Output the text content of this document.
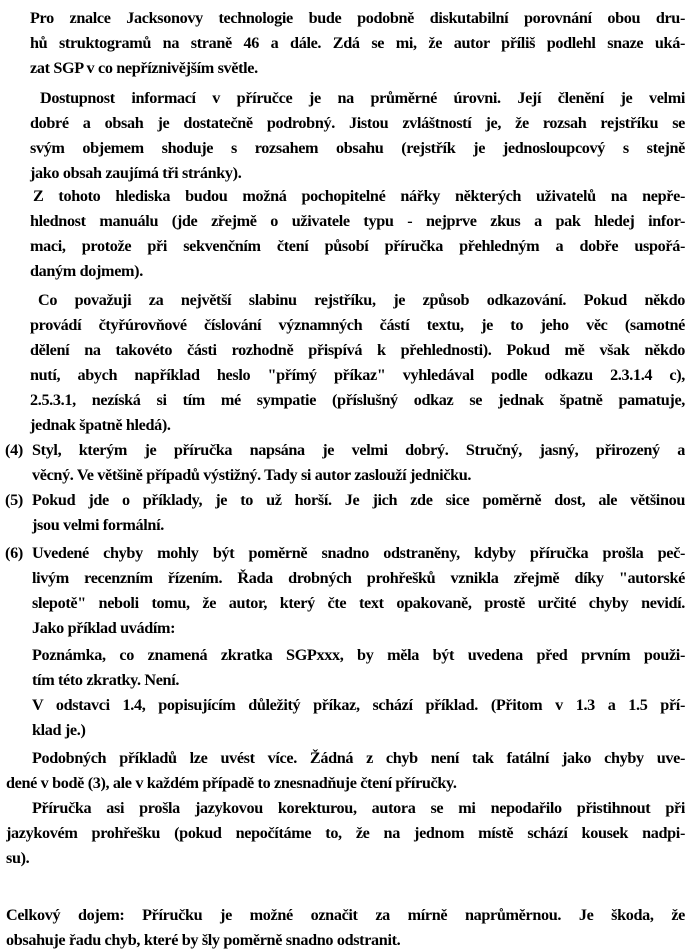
Pro znalce Jacksonovy technologie bude podobně diskutabilní porovnání obou dru-
hů struktogramů na straně 46 a dále. Zdá se mi, že autor příliš podlehl snaze uká-
zat SGP v co nepříznivějším světle.
Dostupnost informací v příručce je na průměrné úrovni. Její členění je velmi
dobré a obsah je dostatečně podrobný. Jistou zvláštností je, že rozsah rejstříku se
svým objemem shoduje s rozsahem obsahu (rejstřík je jednosloupcový s stejně
jako obsah zaujímá tři stránky).
Z tohoto hlediska budou možná pochopitelné nářky některých uživatelů na nepře-
hlednost manuálu (jde zřejmě o uživatele typu - nejprve zkus a pak hledej infor-
maci, protože při sekvenčním čtení působí příručka přehledným a dobře uspořá-
daným dojmem).
Co považuji za největší slabinu rejstříku, je způsob odkazování. Pokud někdo
provádí čtyřúrovňové číslování významných částí textu, je to jeho věc (samotné
dělení na takovéto části rozhodně přispívá k přehlednosti). Pokud mě však někdo
nutí, abych například heslo "přímý příkaz" vyhledával podle odkazu 2.3.1.4 c),
2.5.3.1, nezíská si tím mé sympatie (příslušný odkaz se jednak špatně pamatuje,
jednak špatně hledá).
(4) Styl, kterým je příručka napsána je velmi dobrý. Stručný, jasný, přirozený a
věcný. Ve většině případů výstižný. Tady si autor zaslouží jedničku.
(5) Pokud jde o příklady, je to už horší. Je jich zde sice poměrně dost, ale většinou
jsou velmi formální.
(6) Uvedené chyby mohly být poměrně snadno odstraněny, kdyby příručka prošla peč-
livým recenzním řízením. Řada drobných prohřešků vznikla zřejmě díky "autorské
slepotě" neboli tomu, že autor, který čte text opakovaně, prostě určité chyby nevidí.
Jako příklad uvádím:
Poznámka, co znamená zkratka SGPxxx, by měla být uvedena před prvním použi-
tím této zkratky. Není.
V odstavci 1.4, popisujícím důležitý příkaz, schází příklad. (Přitom v 1.3 a 1.5 pří-
klad je.)
Podobných příkladů lze uvést více. Žádná z chyb není tak fatální jako chyby uve-
dené v bodě (3), ale v každém případě to znesnadňuje čtení příručky.
Příručka asi prošla jazykovou korekturou, autora se mi nepodařilo přistihnout při
jazykovém prohřešku (pokud nepočítáme to, že na jednom místě schází kousek nadpi-
su).
Celkový dojem: Příručku je možné označit za mírně naprůměrnou. Je škoda, že
obsahuje řadu chyb, které by šly poměrně snadno odstranit.
